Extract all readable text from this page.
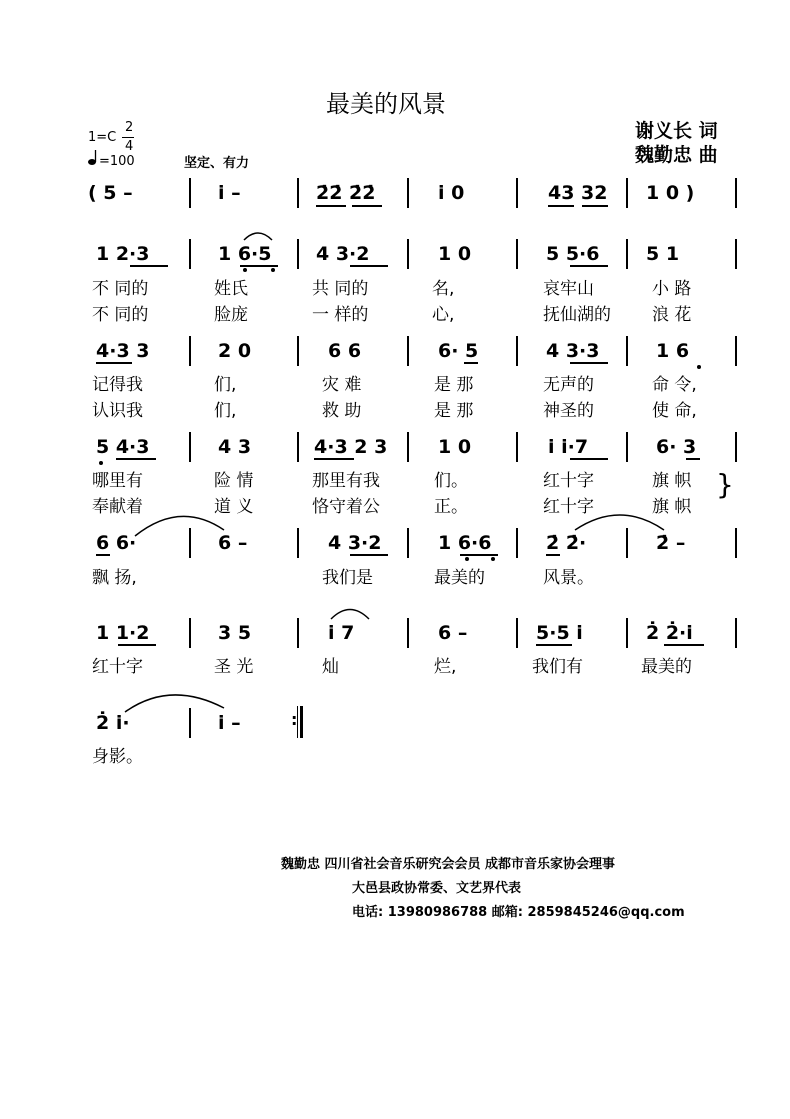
最美的风景
谢义长 词
魏勤忠 曲
1=C
2
4
=100	坚定、有力
( 5 –	i –	2̇2̇ 2̇2̇	i 0	43 32 1 0 )
1 2·3	1 6·5 4 3·2	1 0	5 5·6 5 1
不 同的	姓氏	共 同的	名,	哀牢山	小 路
不 同的	脸庞	一 样的	心,	抚仙湖的 浪 花
4·3 3	2 0	6 6	6· 5	4 3·3	1 6
记得我	们,	灾 难	是 那	无声的	命 令,
认识我	们,	救 助	是 那	神圣的	使 命,
5 4·3	4 3	4·3 2 3	1 0	i i·7	6· 3
哪里有	险 情	那里有我	们。	红十字	旗 帜
奉献着	道 义	恪守着公	正。	红十字	旗 帜
}
6 6·	6 –	4 3·2	1 6·6	2̇ 2̇·	2̇ –
飘 扬,	我们是	最美的	风景。
1 1·2	3 5	i 7	6 –	5·5 i	2̇ 2̇·i
红十字	圣 光	灿	烂,	我们有	最美的
2̇ i·	i –	:
身影。
魏勤忠 四川省社会音乐研究会会员 成都市音乐家协会理事
大邑县政协常委、文艺界代表
电话: 13980986788 邮箱: 2859845246@qq.com
